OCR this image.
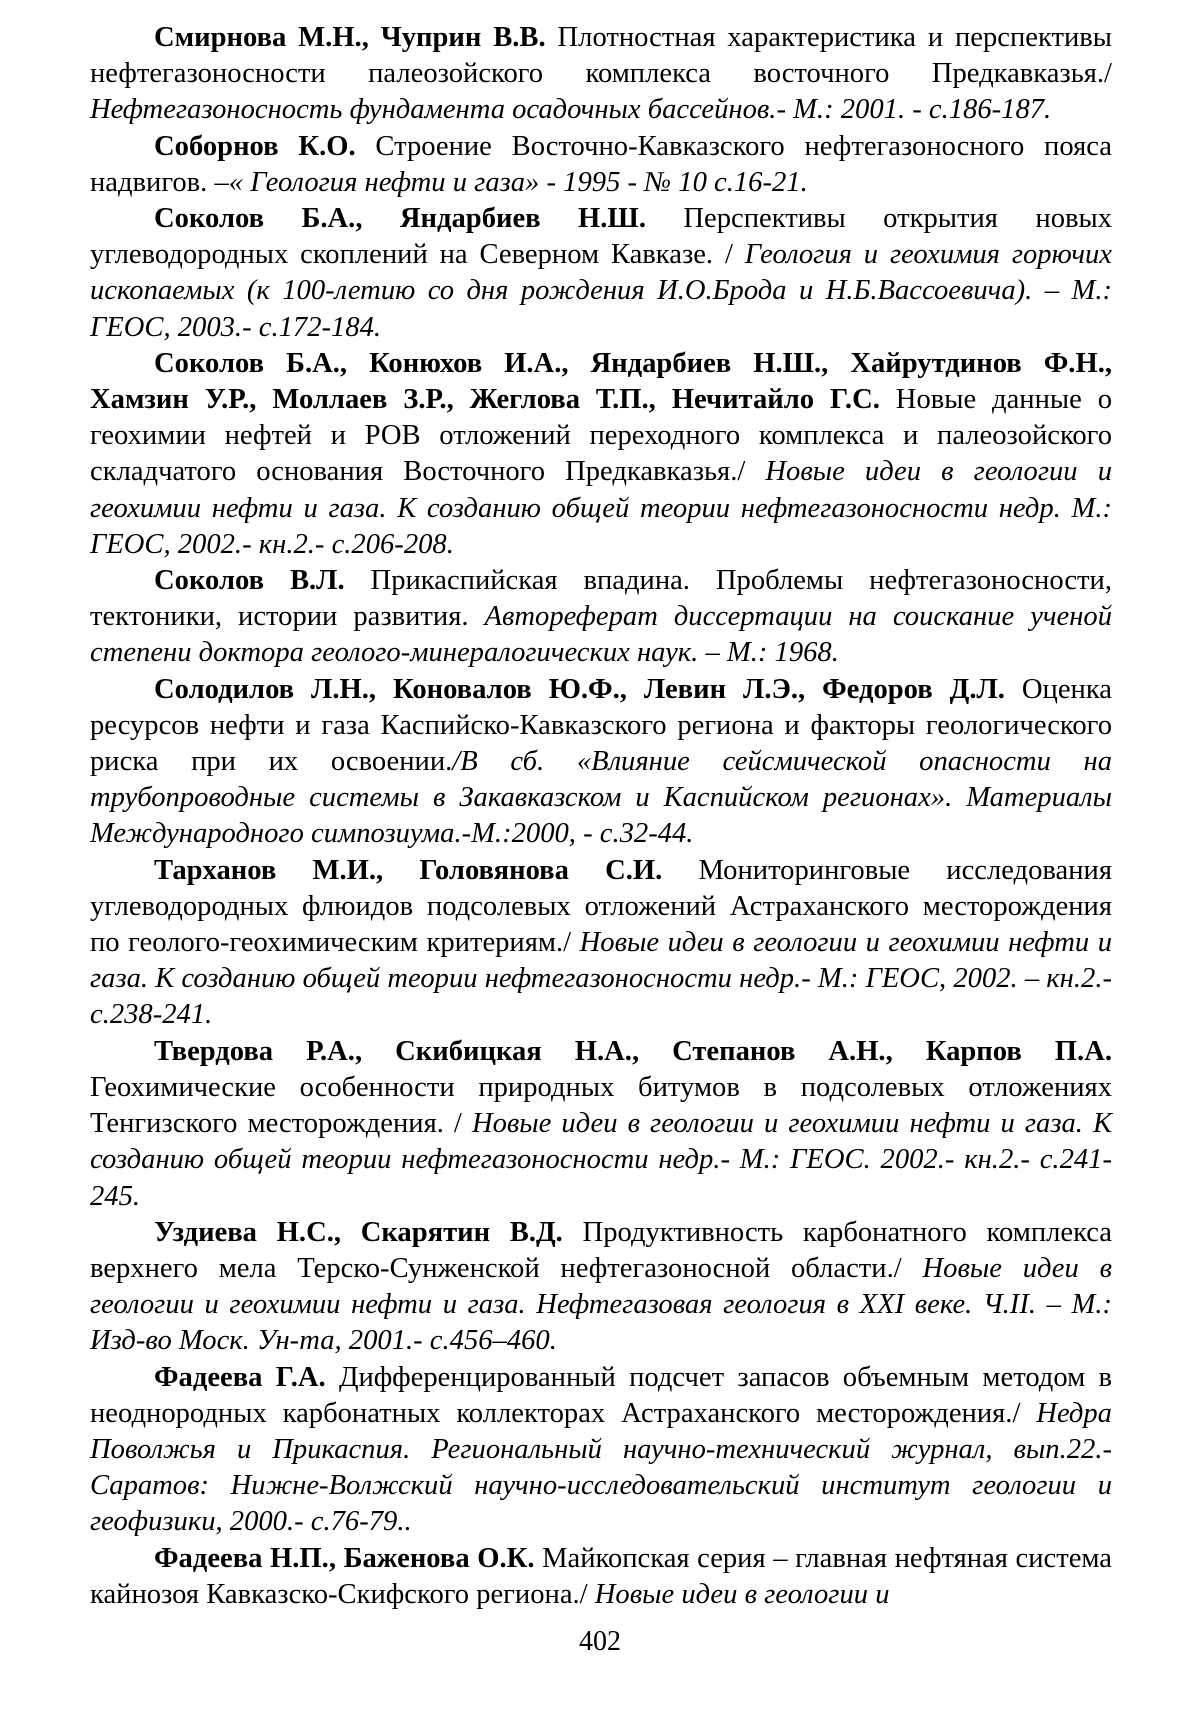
Смирнова М.Н., Чуприн В.В. Плотностная характеристика и перспективы нефтегазоносности палеозойского комплекса восточного Предкавказья./ Нефтегазоносность фундамента осадочных бассейнов.- М.: 2001. - с.186-187.

Соборнов К.О. Строение Восточно-Кавказского нефтегазоносного пояса надвигов. –« Геология нефти и газа» - 1995 - № 10 с.16-21.

Соколов Б.А., Яндарбиев Н.Ш. Перспективы открытия новых углеводородных скоплений на Северном Кавказе. / Геология и геохимия горючих ископаемых (к 100-летию со дня рождения И.О.Брода и Н.Б.Вассоевича). – М.: ГЕОС, 2003.- с.172-184.

Соколов Б.А., Конюхов И.А., Яндарбиев Н.Ш., Хайрутдинов Ф.Н., Хамзин У.Р., Моллаев З.Р., Жеглова Т.П., Нечитайло Г.С. Новые данные о геохимии нефтей и РОВ отложений переходного комплекса и палеозойского складчатого основания Восточного Предкавказья./ Новые идеи в геологии и геохимии нефти и газа. К созданию общей теории нефтегазоносности недр. М.: ГЕОС, 2002.- кн.2.- с.206-208.

Соколов В.Л. Прикаспийская впадина. Проблемы нефтегазоносности, тектоники, истории развития. Автореферат диссертации на соискание ученой степени доктора геолого-минералогических наук. – М.: 1968.

Солодилов Л.Н., Коновалов Ю.Ф., Левин Л.Э., Федоров Д.Л. Оценка ресурсов нефти и газа Каспийско-Кавказского региона и факторы геологического риска при их освоении./В сб. «Влияние сейсмической опасности на трубопроводные системы в Закавказском и Каспийском регионах». Материалы Международного симпозиума.-М.:2000, - с.32-44.

Тарханов М.И., Головянова С.И. Мониторинговые исследования углеводородных флюидов подсолевых отложений Астраханского месторождения по геолого-геохимическим критериям./ Новые идеи в геологии и геохимии нефти и газа. К созданию общей теории нефтегазоносности недр.- М.: ГЕОС, 2002. – кн.2.- с.238-241.

Твердова Р.А., Скибицкая Н.А., Степанов А.Н., Карпов П.А. Геохимические особенности природных битумов в подсолевых отложениях Тенгизского месторождения. / Новые идеи в геологии и геохимии нефти и газа. К созданию общей теории нефтегазоносности недр.- М.: ГЕОС. 2002.- кн.2.- с.241-245.

Уздиева Н.С., Скарятин В.Д. Продуктивность карбонатного комплекса верхнего мела Терско-Сунженской нефтегазоносной области./ Новые идеи в геологии и геохимии нефти и газа. Нефтегазовая геология в XXI веке. Ч.II. – М.: Изд-во Моск. Ун-та, 2001.- с.456–460.

Фадеева Г.А. Дифференцированный подсчет запасов объемным методом в неоднородных карбонатных коллекторах Астраханского месторождения./ Недра Поволжья и Прикаспия. Региональный научно-технический журнал, вып.22.- Саратов: Нижне-Волжский научно-исследовательский институт геологии и геофизики, 2000.- с.76-79..

Фадеева Н.П., Баженова О.К. Майкопская серия – главная нефтяная система кайнозоя Кавказско-Скифского региона./ Новые идеи в геологии и

402
